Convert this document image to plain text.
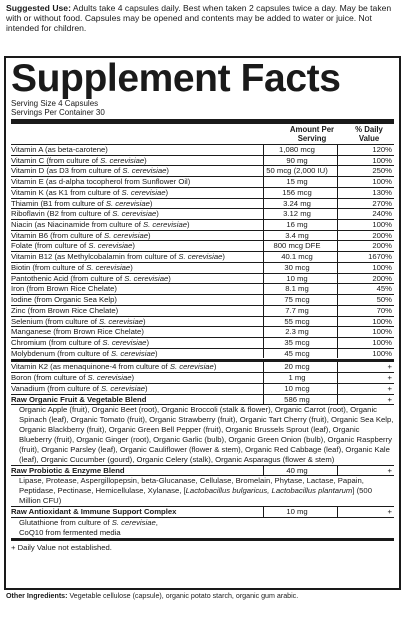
Suggested Use: Adults take 4 capsules daily. Best when taken 2 capsules twice a day. May be taken with or without food. Capsules may be opened and contents may be added to water or juice. Not intended for children.
Supplement Facts
Serving Size 4 Capsules
Servings Per Container 30
Amount Per
Serving
% Daily
Value
Vitamin A (as beta-carotene)	1,080 mcg	120%
Vitamin C (from culture of S. cerevisiae)	90 mg	100%
Vitamin D (as D3 from culture of S. cerevisiae)	50 mcg (2,000 IU)	250%
Vitamin E (as d-alpha tocopherol from Sunflower Oil)	15 mg	100%
Vitamin K (as K1 from culture of S. cerevisiae)	156 mcg	130%
Thiamin (B1 from culture of S. cerevisiae)	3.24 mg	270%
Riboflavin (B2 from culture of S. cerevisiae)	3.12 mg	240%
Niacin (as Niacinamide from culture of S. cerevisiae)	16 mg	100%
Vitamin B6 (from culture of S. cerevisiae)	3.4 mg	200%
Folate (from culture of S. cerevisiae)	800 mcg DFE	200%
Vitamin B12 (as Methylcobalamin from culture of S. cerevisiae)	40.1 mcg	1670%
Biotin (from culture of S. cerevisiae)	30 mcg	100%
Pantothenic Acid (from culture of S. cerevisiae)	10 mg	200%
Iron (from Brown Rice Chelate)	8.1 mg	45%
Iodine (from Organic Sea Kelp)	75 mcg	50%
Zinc (from Brown Rice Chelate)	7.7 mg	70%
Selenium (from culture of S. cerevisiae)	55 mcg	100%
Manganese (from Brown Rice Chelate)	2.3 mg	100%
Chromium (from culture of S. cerevisiae)	35 mcg	100%
Molybdenum (from culture of S. cerevisiae)	45 mcg	100%
Vitamin K2 (as menaquinone-4 from culture of S. cerevisiae)	20 mcg	+
Boron (from culture of S. cerevisiae)	1 mg	+
Vanadium (from culture of S. cerevisiae)	10 mcg	+
Raw Organic Fruit & Vegetable Blend	586 mg	+
Organic Apple (fruit), Organic Beet (root), Organic Broccoli (stalk & flower), Organic Carrot (root), Organic Spinach (leaf), Organic Tomato (fruit), Organic Strawberry (fruit), Organic Tart Cherry (fruit), Organic Sea Kelp, Organic Blackberry (fruit), Organic Green Bell Pepper (fruit), Organic Brussels Sprout (leaf), Organic Blueberry (fruit), Organic Ginger (root), Organic Garlic (bulb), Organic Green Onion (bulb), Organic Raspberry (fruit), Organic Parsley (leaf), Organic Cauliflower (flower & stem), Organic Red Cabbage (leaf), Organic Kale (leaf), Organic Cucumber (gourd), Organic Celery (stalk), Organic Asparagus (flower & stem)
Raw Probiotic & Enzyme Blend	40 mg	+
Lipase, Protease, Aspergillopepsin, beta-Glucanase, Cellulase, Bromelain, Phytase, Lactase, Papain, Peptidase, Pectinase, Hemicellulase, Xylanase, [Lactobacillus bulgaricus, Lactobacillus plantarum] (500 Million CFU)
Raw Antioxidant & Immune Support Complex	10 mg	+
Glutathione from culture of S. cerevisiae,
CoQ10 from fermented media
+ Daily Value not established.
Other Ingredients: Vegetable cellulose (capsule), organic potato starch, organic gum arabic.
